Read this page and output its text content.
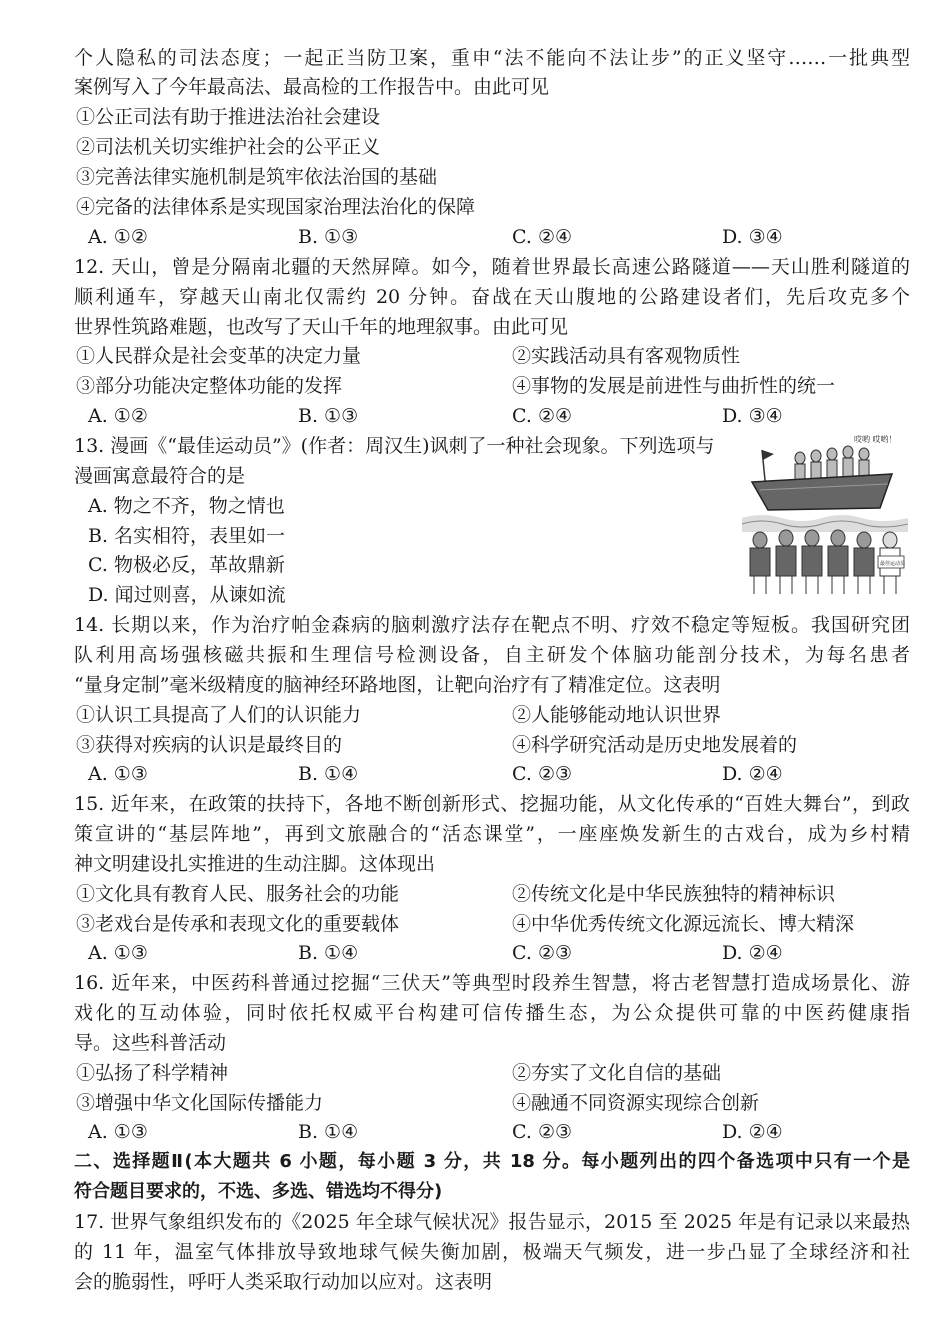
个人隐私的司法态度；一起正当防卫案，重申“法不能向不法让步”的正义坚守……一批典型
案例写入了今年最高法、最高检的工作报告中。由此可见
①公正司法有助于推进法治社会建设
②司法机关切实维护社会的公平正义
③完善法律实施机制是筑牢依法治国的基础
④完备的法律体系是实现国家治理法治化的保障
A. ①②	B. ①③	C. ②④	D. ③④
12. 天山，曾是分隔南北疆的天然屏障。如今，随着世界最长高速公路隧道——天山胜利隧道的
顺利通车，穿越天山南北仅需约 20 分钟。奋战在天山腹地的公路建设者们，先后攻克多个
世界性筑路难题，也改写了天山千年的地理叙事。由此可见
①人民群众是社会变革的决定力量	②实践活动具有客观物质性
③部分功能决定整体功能的发挥	④事物的发展是前进性与曲折性的统一
A. ①②	B. ①③	C. ②④	D. ③④
13. 漫画《“最佳运动员”》(作者：周汉生)讽刺了一种社会现象。下列选项与
漫画寓意最符合的是
A. 物之不齐，物之情也
B. 名实相符，表里如一
C. 物极必反，革故鼎新
D. 闻过则喜，从谏如流
哎哟 哎哟！
最佳运动员
14. 长期以来，作为治疗帕金森病的脑刺激疗法存在靶点不明、疗效不稳定等短板。我国研究团
队利用高场强核磁共振和生理信号检测设备，自主研发个体脑功能剖分技术，为每名患者
“量身定制”毫米级精度的脑神经环路地图，让靶向治疗有了精准定位。这表明
①认识工具提高了人们的认识能力	②人能够能动地认识世界
③获得对疾病的认识是最终目的	④科学研究活动是历史地发展着的
A. ①③	B. ①④	C. ②③	D. ②④
15. 近年来，在政策的扶持下，各地不断创新形式、挖掘功能，从文化传承的“百姓大舞台”，到政
策宣讲的“基层阵地”，再到文旅融合的“活态课堂”，一座座焕发新生的古戏台，成为乡村精
神文明建设扎实推进的生动注脚。这体现出
①文化具有教育人民、服务社会的功能	②传统文化是中华民族独特的精神标识
③老戏台是传承和表现文化的重要载体	④中华优秀传统文化源远流长、博大精深
A. ①③	B. ①④	C. ②③	D. ②④
16. 近年来，中医药科普通过挖掘“三伏天”等典型时段养生智慧，将古老智慧打造成场景化、游
戏化的互动体验，同时依托权威平台构建可信传播生态，为公众提供可靠的中医药健康指
导。这些科普活动
①弘扬了科学精神	②夯实了文化自信的基础
③增强中华文化国际传播能力	④融通不同资源实现综合创新
A. ①③	B. ①④	C. ②③	D. ②④
二、选择题Ⅱ(本大题共 6 小题，每小题 3 分，共 18 分。每小题列出的四个备选项中只有一个是
符合题目要求的，不选、多选、错选均不得分)
17. 世界气象组织发布的《2025 年全球气候状况》报告显示，2015 至 2025 年是有记录以来最热
的 11 年，温室气体排放导致地球气候失衡加剧，极端天气频发，进一步凸显了全球经济和社
会的脆弱性，呼吁人类采取行动加以应对。这表明
